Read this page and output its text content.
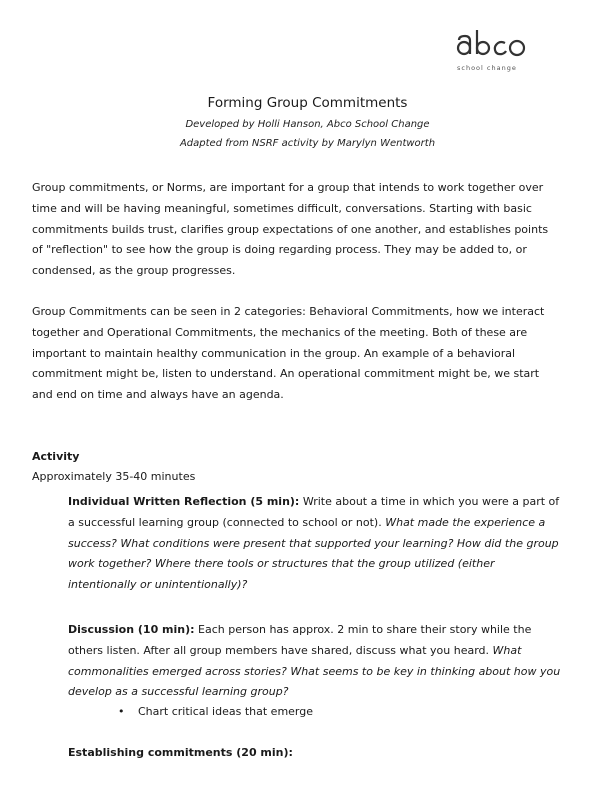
school change
Forming Group Commitments
Developed by Holli Hanson, Abco School Change
Adapted from NSRF activity by Marylyn Wentworth

Group commitments, or Norms, are important for a group that intends to work together over time and will be having meaningful, sometimes difficult, conversations. Starting with basic commitments builds trust, clarifies group expectations of one another, and establishes points of "reflection" to see how the group is doing regarding process. They may be added to, or condensed, as the group progresses.

Group Commitments can be seen in 2 categories: Behavioral Commitments, how we interact together and Operational Commitments, the mechanics of the meeting. Both of these are important to maintain healthy communication in the group. An example of a behavioral commitment might be, listen to understand. An operational commitment might be, we start and end on time and always have an agenda.

Activity
Approximately 35-40 minutes

Individual Written Reflection (5 min): Write about a time in which you were a part of a successful learning group (connected to school or not). What made the experience a success? What conditions were present that supported your learning? How did the group work together? Where there tools or structures that the group utilized (either intentionally or unintentionally)?

Discussion (10 min): Each person has approx. 2 min to share their story while the others listen. After all group members have shared, discuss what you heard. What commonalities emerged across stories? What seems to be key in thinking about how you develop as a successful learning group?

• Chart critical ideas that emerge

Establishing commitments (20 min):
